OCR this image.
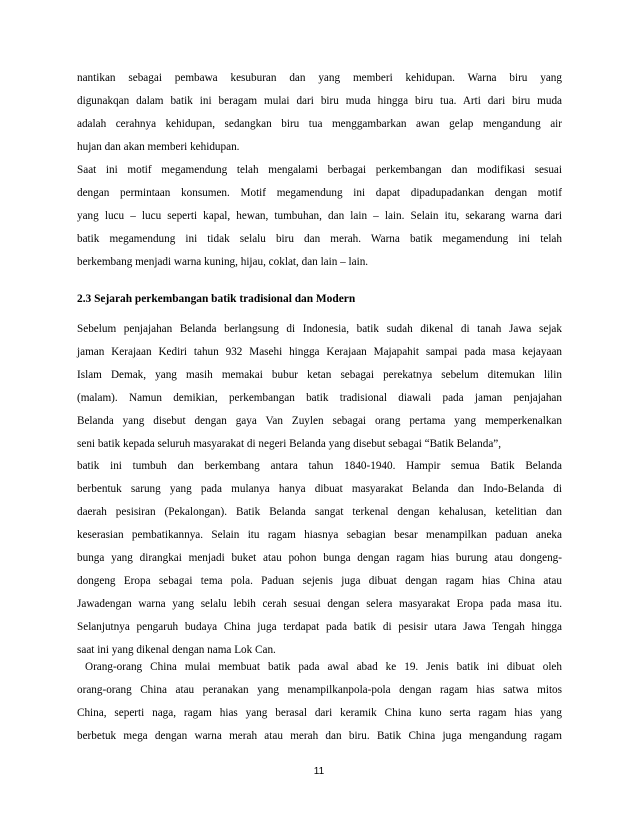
nantikan sebagai pembawa kesuburan dan yang memberi kehidupan. Warna biru yang
digunakqan dalam batik ini beragam mulai dari biru muda hingga biru tua. Arti dari biru muda
adalah cerahnya kehidupan, sedangkan biru tua menggambarkan awan gelap mengandung air
hujan dan akan memberi kehidupan.
Saat ini motif megamendung telah mengalami berbagai perkembangan dan modifikasi sesuai
dengan permintaan konsumen. Motif megamendung ini dapat dipadupadankan dengan motif
yang lucu – lucu seperti kapal, hewan, tumbuhan, dan lain – lain. Selain itu, sekarang warna dari
batik megamendung ini tidak selalu biru dan merah. Warna batik megamendung ini telah
berkembang menjadi warna kuning, hijau, coklat, dan lain – lain.
2.3 Sejarah perkembangan batik tradisional dan Modern
Sebelum penjajahan Belanda berlangsung di Indonesia, batik sudah dikenal di tanah Jawa sejak
jaman Kerajaan Kediri tahun 932 Masehi hingga Kerajaan Majapahit sampai pada masa kejayaan
Islam Demak, yang masih memakai bubur ketan sebagai perekatnya sebelum ditemukan lilin
(malam). Namun demikian, perkembangan batik tradisional diawali pada jaman penjajahan
Belanda yang disebut dengan gaya Van Zuylen sebagai orang pertama yang memperkenalkan
seni batik kepada seluruh masyarakat di negeri Belanda yang disebut sebagai “Batik Belanda”,
batik ini tumbuh dan berkembang antara tahun 1840-1940. Hampir semua Batik Belanda
berbentuk sarung yang pada mulanya hanya dibuat masyarakat Belanda dan Indo-Belanda di
daerah pesisiran (Pekalongan). Batik Belanda sangat terkenal dengan kehalusan, ketelitian dan
keserasian pembatikannya. Selain itu ragam hiasnya sebagian besar menampilkan paduan aneka
bunga yang dirangkai menjadi buket atau pohon bunga dengan ragam hias burung atau dongeng-
dongeng Eropa sebagai tema pola. Paduan sejenis juga dibuat dengan ragam hias China atau
Jawadengan warna yang selalu lebih cerah sesuai dengan selera masyarakat Eropa pada masa itu.
Selanjutnya pengaruh budaya China juga terdapat pada batik di pesisir utara Jawa Tengah hingga
saat ini yang dikenal dengan nama Lok Can.
Orang-orang China mulai membuat batik pada awal abad ke 19. Jenis batik ini dibuat oleh
orang-orang China atau peranakan yang menampilkanpola-pola dengan ragam hias satwa mitos
China, seperti naga, ragam hias yang berasal dari keramik China kuno serta ragam hias yang
berbetuk mega dengan warna merah atau merah dan biru. Batik China juga mengandung ragam
11
